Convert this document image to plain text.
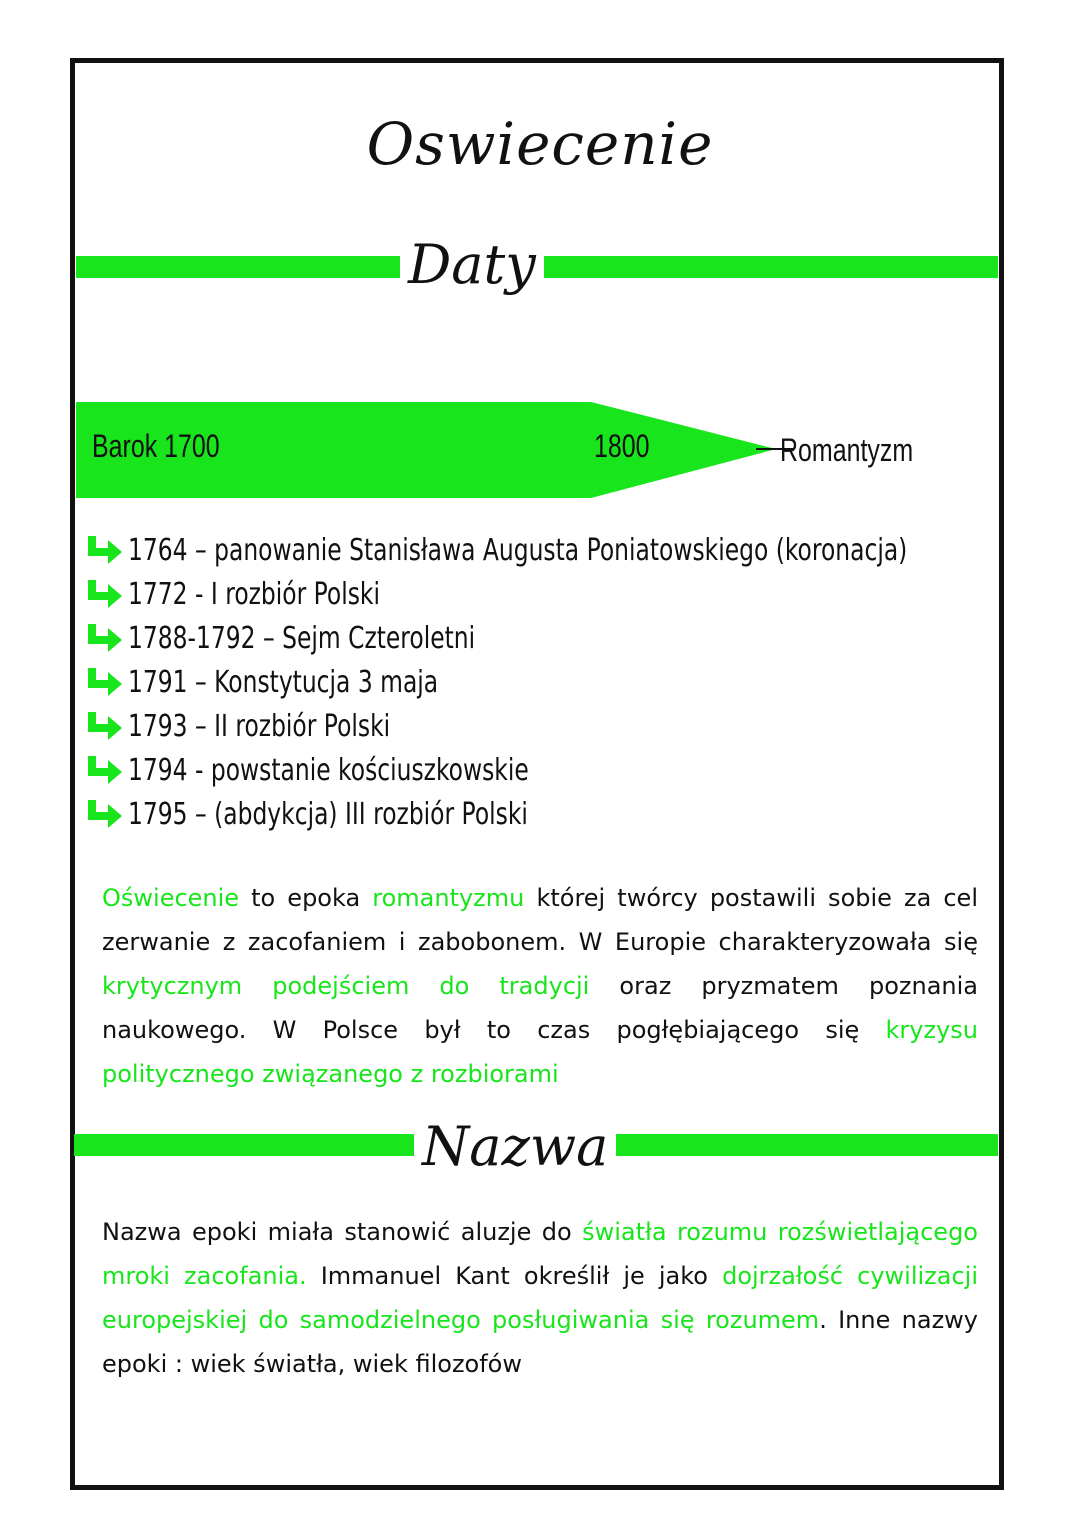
Oswiecenie
Daty
Barok 1700	1800	Romantyzm
1764 – panowanie Stanisława Augusta Poniatowskiego (koronacja)
1772 - I rozbiór Polski
1788-1792 – Sejm Czteroletni
1791 – Konstytucja 3 maja
1793 – II rozbiór Polski
1794 - powstanie kościuszkowskie
1795 – (abdykcja) III rozbiór Polski

Oświecenie to epoka romantyzmu której twórcy postawili sobie za cel zerwanie z zacofaniem i zabobonem. W Europie charakteryzowała się krytycznym podejściem do tradycji oraz pryzmatem poznania naukowego. W Polsce był to czas pogłębiającego się kryzysu politycznego związanego z rozbiorami

Nazwa

Nazwa epoki miała stanowić aluzje do światła rozumu rozświetlającego mroki zacofania. Immanuel Kant określił je jako dojrzałość cywilizacji europejskiej do samodzielnego posługiwania się rozumem. Inne nazwy epoki : wiek światła, wiek filozofów
